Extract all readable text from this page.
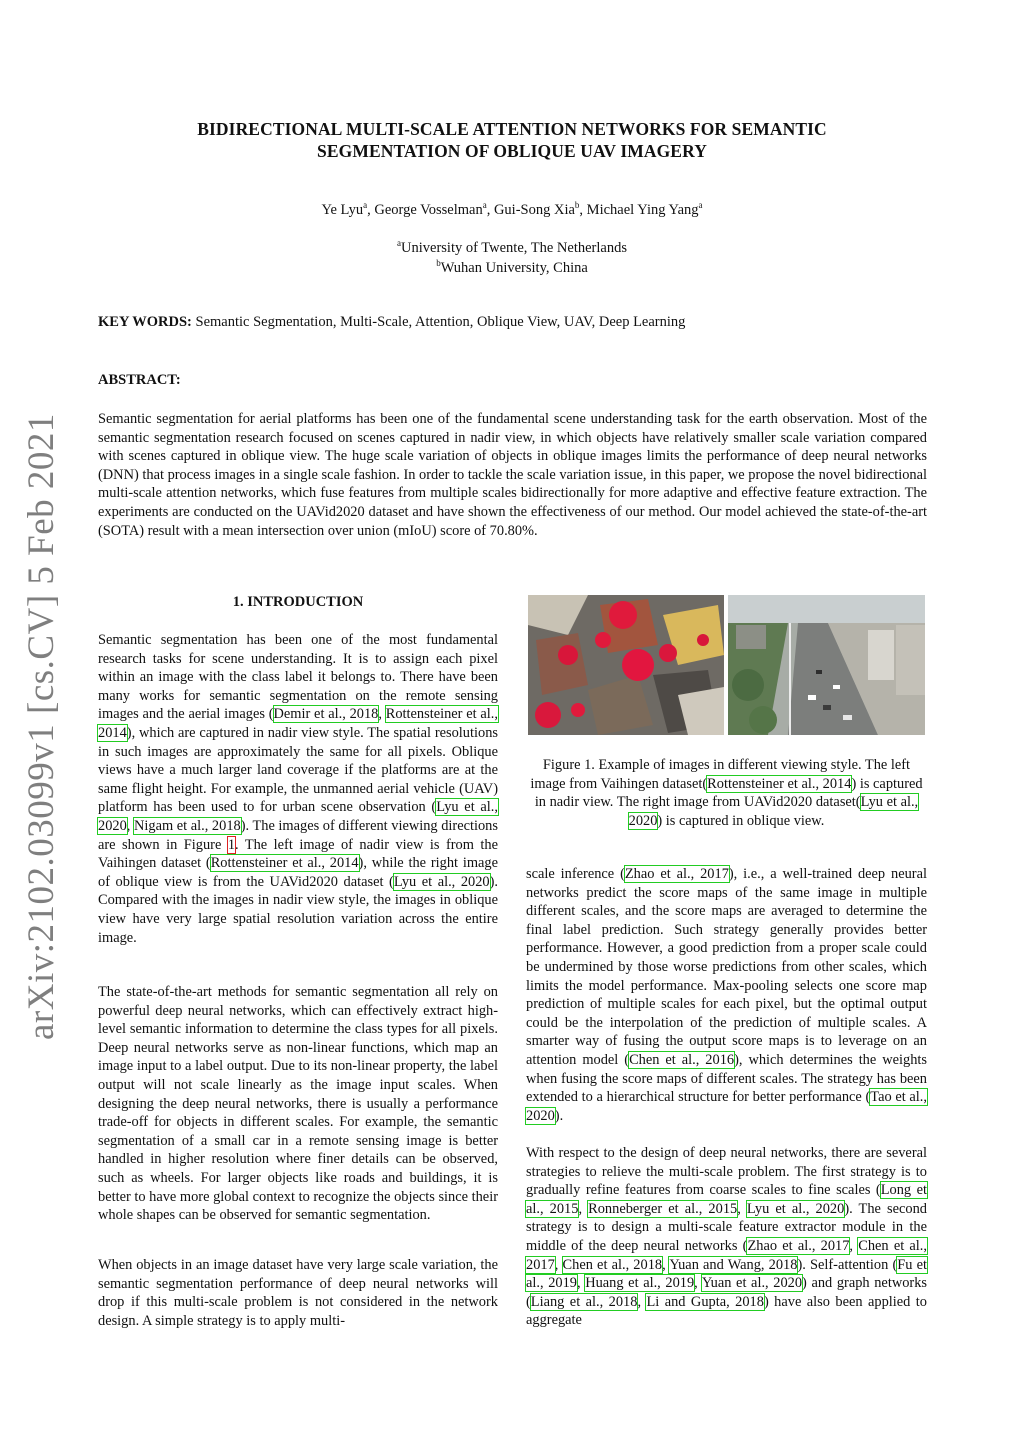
BIDIRECTIONAL MULTI-SCALE ATTENTION NETWORKS FOR SEMANTIC
SEGMENTATION OF OBLIQUE UAV IMAGERY
Ye Lyu$^a$, George Vosselman$^a$, Gui-Song Xia$^b$, Michael Ying Yang$^a$
$^a$University of Twente, The Netherlands
$^b$Wuhan University, China
KEY WORDS: Semantic Segmentation, Multi-Scale, Attention, Oblique View, UAV, Deep Learning
ABSTRACT:
Semantic segmentation for aerial platforms has been one of the fundamental scene understanding task for the earth observation. Most of the semantic segmentation research focused on scenes captured in nadir view, in which objects have relatively smaller scale variation compared with scenes captured in oblique view. The huge scale variation of objects in oblique images limits the performance of deep neural networks (DNN) that process images in a single scale fashion. In order to tackle the scale variation issue, in this paper, we propose the novel bidirectional multi-scale attention networks, which fuse features from multiple scales bidirectionally for more adaptive and effective feature extraction. The experiments are conducted on the UAVid2020 dataset and have shown the effectiveness of our method. Our model achieved the state-of-the-art (SOTA) result with a mean intersection over union (mIoU) score of 70.80%.
arXiv:2102.03099v1 [cs.CV] 5 Feb 2021	1. INTRODUCTION

Semantic segmentation has been one of the most fundamental research tasks for scene understanding. It is to assign each pixel within an image with the class label it belongs to. There have been many works for semantic segmentation on the remote sensing images and the aerial images (Demir et al., 2018, Rottensteiner et al., 2014), which are captured in nadir view style. The spatial resolutions in such images are approximately the same for all pixels. Oblique views have a much larger land coverage if the platforms are at the same flight height. For example, the unmanned aerial vehicle (UAV) platform has been used to for urban scene observation (Lyu et al., 2020, Nigam et al., 2018). The images of different viewing directions are shown in Figure 1. The left image of nadir view is from the Vaihingen dataset (Rottensteiner et al., 2014), while the right image of oblique view is from the UAVid2020 dataset (Lyu et al., 2020). Compared with the images in nadir view style, the images in oblique view have very large spatial resolution variation across the entire image.

The state-of-the-art methods for semantic segmentation all rely on powerful deep neural networks, which can effectively extract high-level semantic information to determine the class types for all pixels. Deep neural networks serve as non-linear functions, which map an image input to a label output. Due to its non-linear property, the label output will not scale linearly as the image input scales. When designing the deep neural networks, there is usually a performance trade-off for objects in different scales. For example, the semantic segmentation of a small car in a remote sensing image is better handled in higher resolution where finer details can be observed, such as wheels. For larger objects like roads and buildings, it is better to have more global context to recognize the objects since their whole shapes can be observed for semantic segmentation.

When objects in an image dataset have very large scale variation, the semantic segmentation performance of deep neural networks will drop if this multi-scale problem is not considered in the network design. A simple strategy is to apply multi-

Figure 1. Example of images in different viewing style. The left image from Vaihingen dataset(Rottensteiner et al., 2014) is captured in nadir view. The right image from UAVid2020 dataset(Lyu et al., 2020) is captured in oblique view.

scale inference (Zhao et al., 2017), i.e., a well-trained deep neural networks predict the score maps of the same image in multiple different scales, and the score maps are averaged to determine the final label prediction. Such strategy generally provides better performance. However, a good prediction from a proper scale could be undermined by those worse predictions from other scales, which limits the model performance. Max-pooling selects one score map prediction of multiple scales for each pixel, but the optimal output could be the interpolation of the prediction of multiple scales. A smarter way of fusing the output score maps is to leverage on an attention model (Chen et al., 2016), which determines the weights when fusing the score maps of different scales. The strategy has been extended to a hierarchical structure for better performance (Tao et al., 2020).

With respect to the design of deep neural networks, there are several strategies to relieve the multi-scale problem. The first strategy is to gradually refine features from coarse scales to fine scales (Long et al., 2015, Ronneberger et al., 2015, Lyu et al., 2020). The second strategy is to design a multi-scale feature extractor module in the middle of the deep neural networks (Zhao et al., 2017, Chen et al., 2017, Chen et al., 2018, Yuan and Wang, 2018). Self-attention (Fu et al., 2019, Huang et al., 2019, Yuan et al., 2020) and graph networks (Liang et al., 2018, Li and Gupta, 2018) have also been applied to aggregate
